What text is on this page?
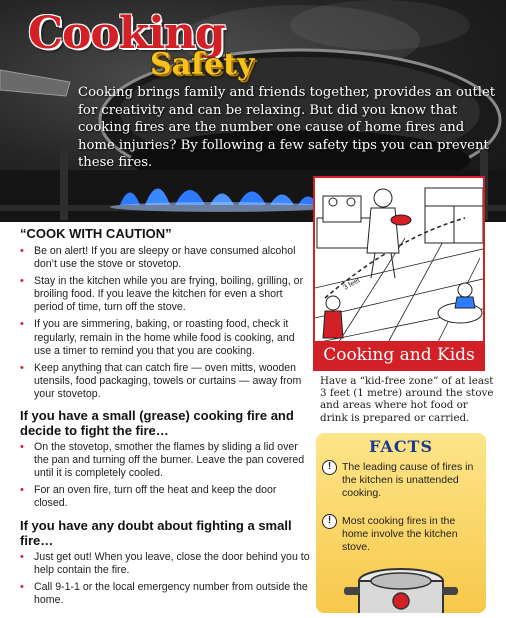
Cooking
Safety
Cooking brings family and friends together, provides an outlet for creativity and can be relaxing. But did you know that cooking fires are the number one cause of home fires and home injuries? By following a few safety tips you can prevent these fires.
“COOK WITH CAUTION”
• Be on alert! If you are sleepy or have consumed alcohol don’t use the stove or stovetop.
• Stay in the kitchen while you are frying, boiling, grilling, or broiling food. If you leave the kitchen for even a short period of time, turn off the stove.
• If you are simmering, baking, or roasting food, check it regularly, remain in the home while food is cooking, and use a timer to remind you that you are cooking.
• Keep anything that can catch fire — oven mitts, wooden utensils, food packaging, towels or curtains — away from your stovetop.
If you have a small (grease) cooking fire and decide to fight the fire…
• On the stovetop, smother the flames by sliding a lid over the pan and turning off the burner. Leave the pan covered until it is completely cooled.
• For an oven fire, turn off the heat and keep the door closed.
If you have any doubt about fighting a small fire…
• Just get out! When you leave, close the door behind you to help contain the fire.
• Call 9-1-1 or the local emergency number from outside the home.
3 feet
Cooking and Kids
Have a “kid-free zone” of at least 3 feet (1 metre) around the stove and areas where hot food or drink is prepared or carried.
FACTS
!	The leading cause of fires in the kitchen is unattended cooking.
!	Most cooking fires in the home involve the kitchen stove.
